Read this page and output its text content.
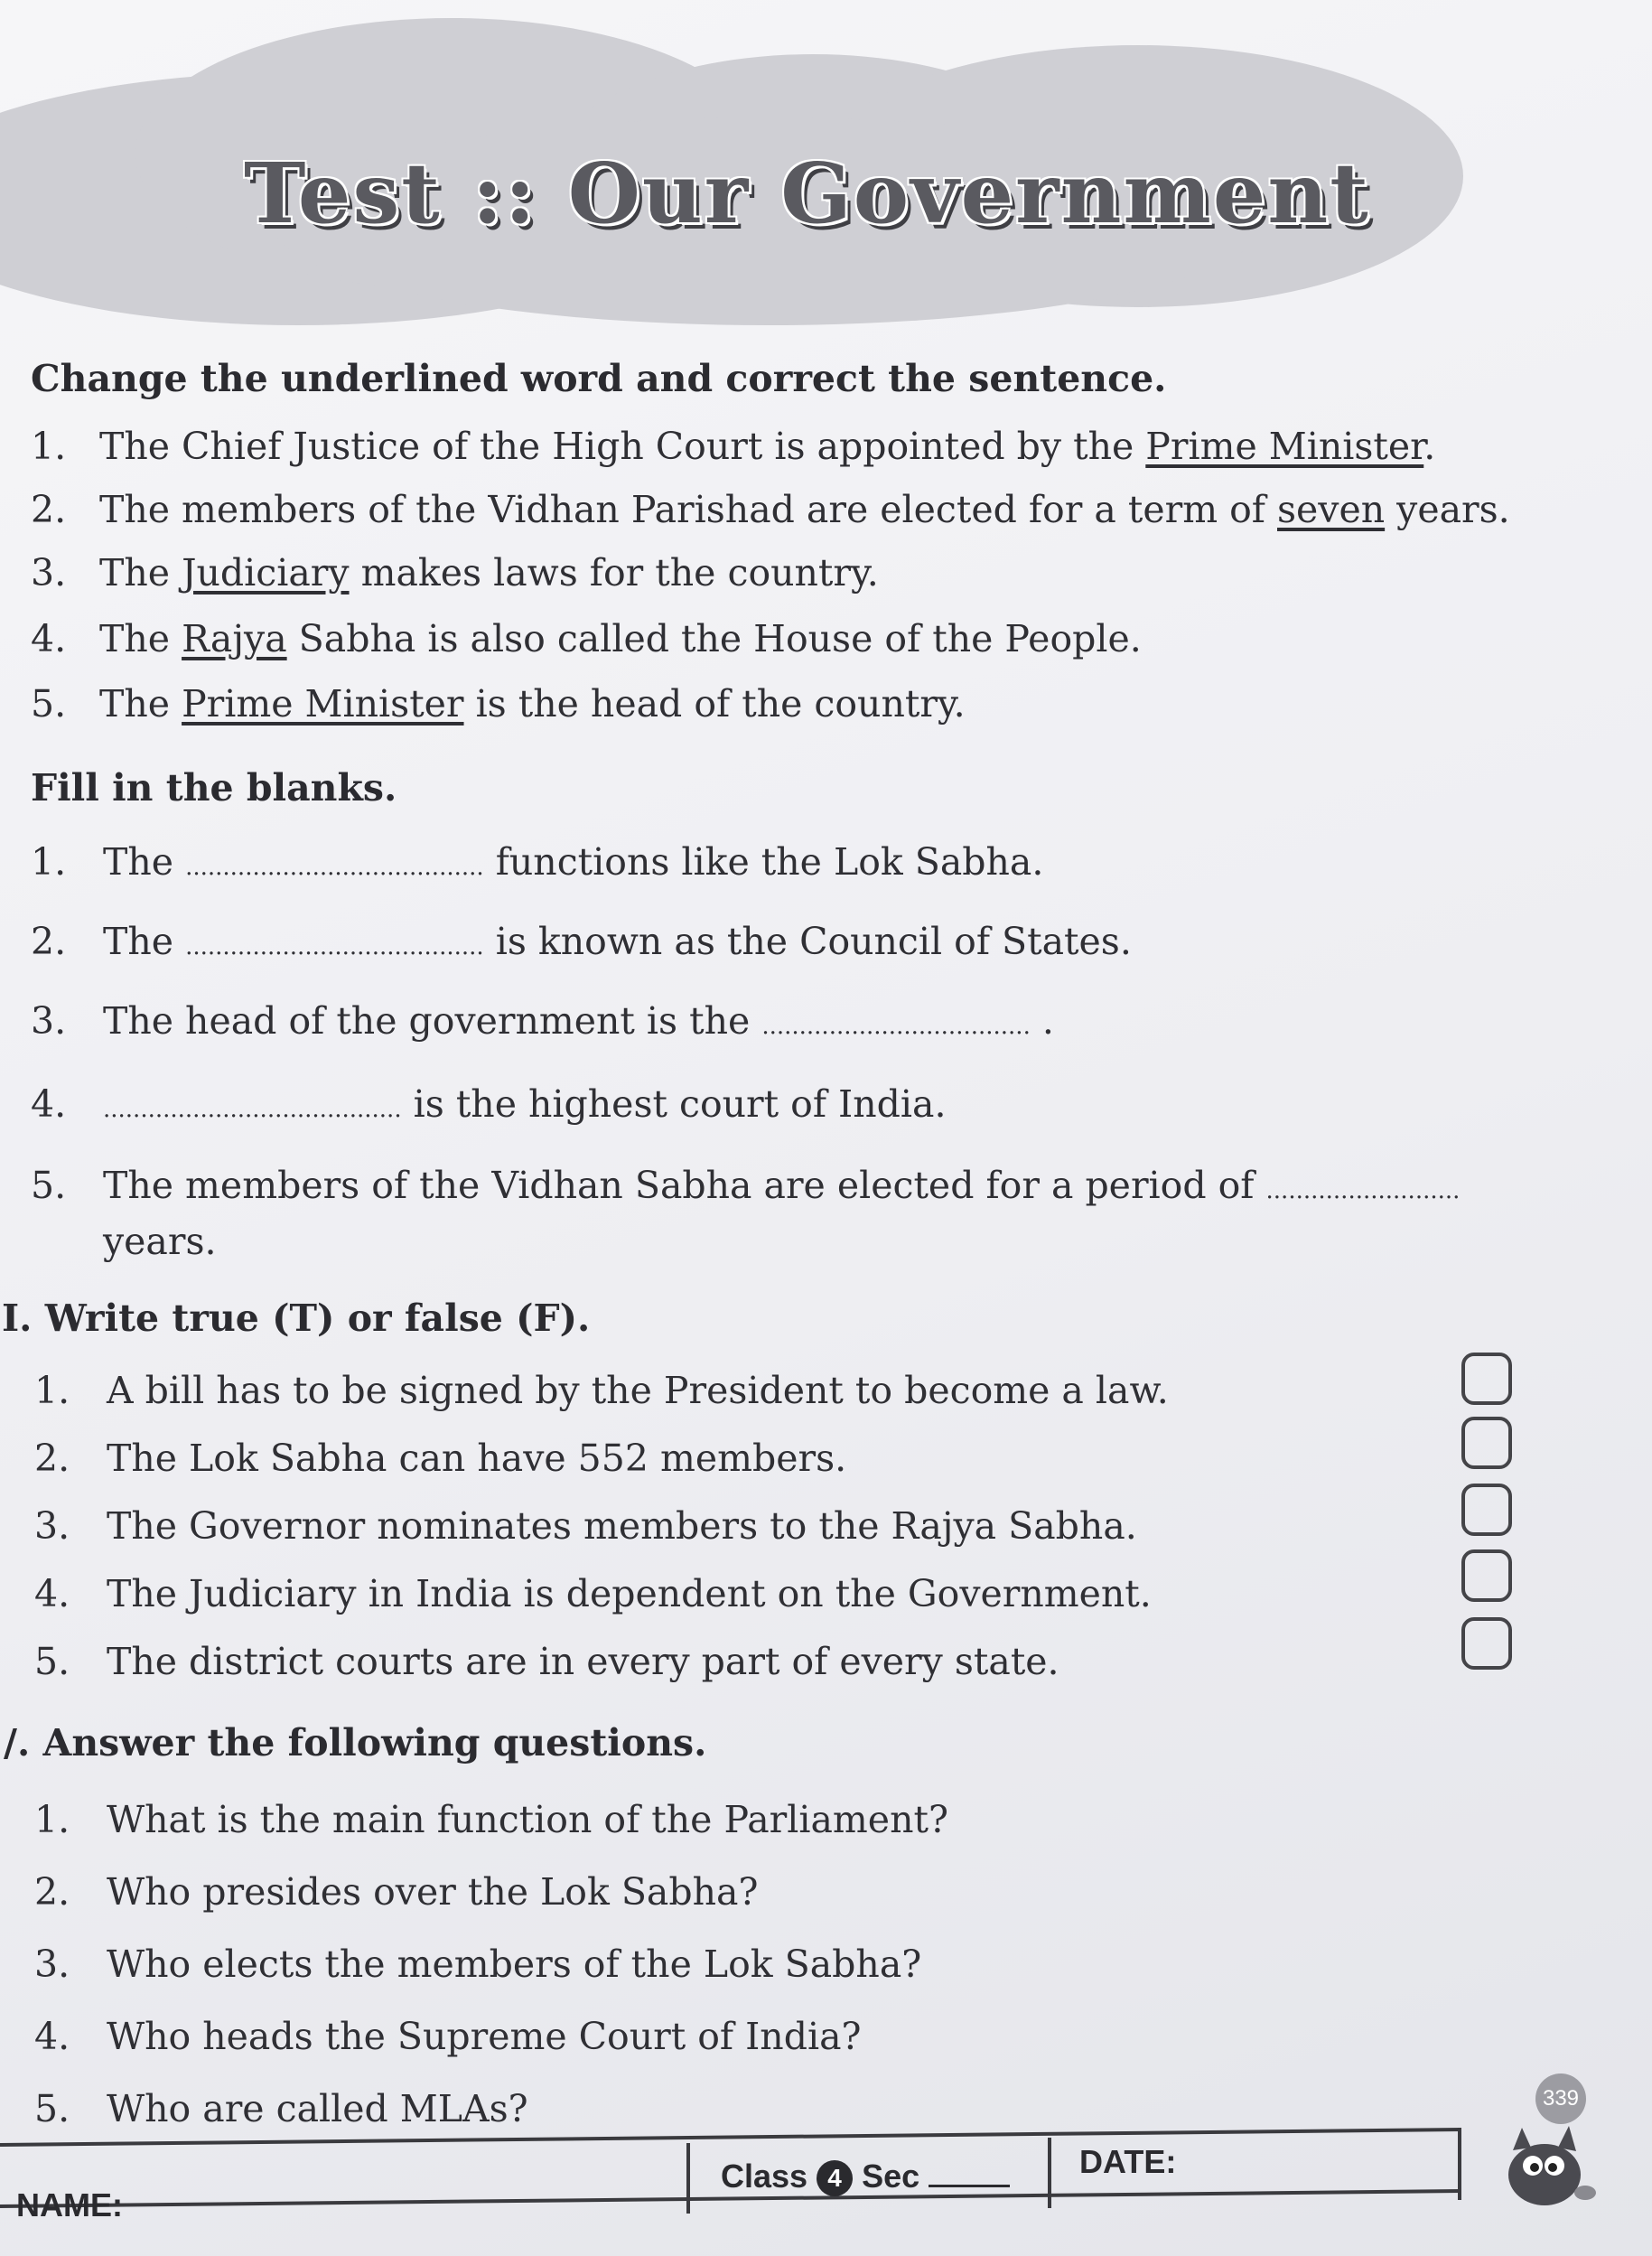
Test :: Our Government
Change the underlined word and correct the sentence.
Fill in the blanks.
I. Write true (T) or false (F).
/. Answer the following questions.
339
NAME:
Class 4 Sec	DATE:
1. The Chief Justice of the High Court is appointed by the Prime Minister.
2. The members of the Vidhan Parishad are elected for a term of seven years.
3. The Judiciary makes laws for the country.
4. The Rajya Sabha is also called the House of the People.
5. The Prime Minister is the head of the country.
1. The ........................................ functions like the Lok Sabha.
2. The ........................................ is known as the Council of States.
3. The head of the government is the .................................... .
4. ........................................ is the highest court of India.
5. The members of the Vidhan Sabha are elected for a period of ..........................
years.
1. A bill has to be signed by the President to become a law.
2. The Lok Sabha can have 552 members.
3. The Governor nominates members to the Rajya Sabha.
4. The Judiciary in India is dependent on the Government.
5. The district courts are in every part of every state.
1. What is the main function of the Parliament?
2. Who presides over the Lok Sabha?
3. Who elects the members of the Lok Sabha?
4. Who heads the Supreme Court of India?
5. Who are called MLAs?
